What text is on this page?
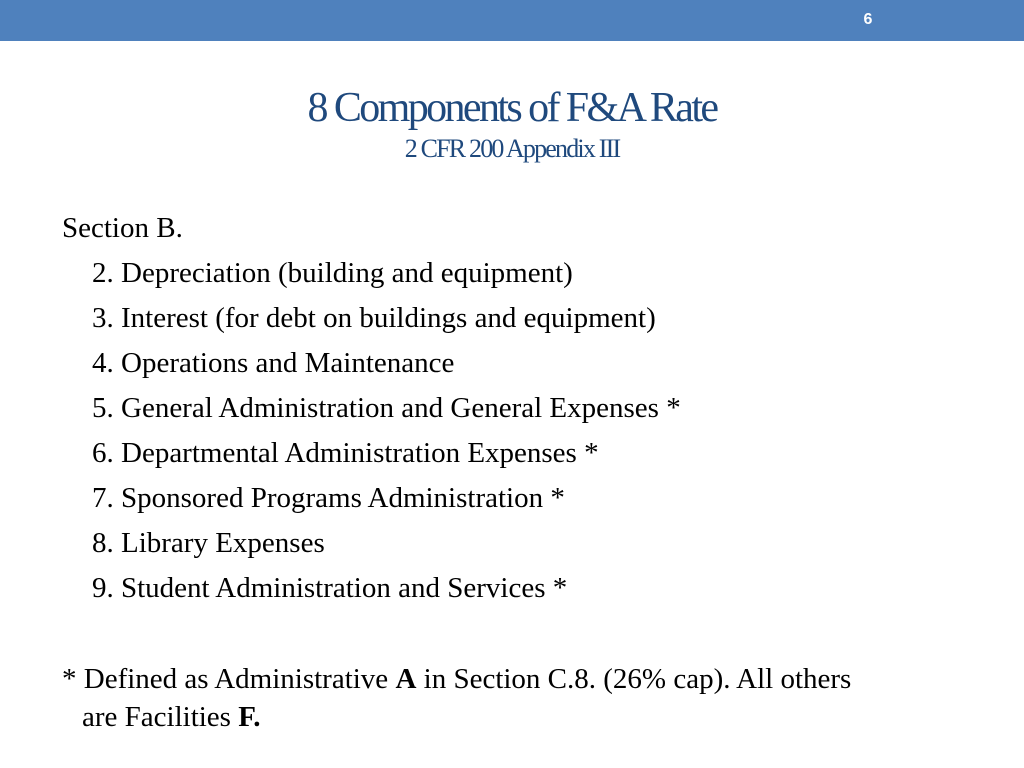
6
8 Components of F&A Rate
2 CFR 200 Appendix III
Section B.
2. Depreciation (building and equipment)
3. Interest (for debt on buildings and equipment)
4. Operations and Maintenance
5. General Administration and General Expenses *
6. Departmental Administration Expenses *
7. Sponsored Programs Administration *
8. Library Expenses
9. Student Administration and Services *
* Defined as Administrative A in Section C.8. (26% cap). All others
are Facilities F.
